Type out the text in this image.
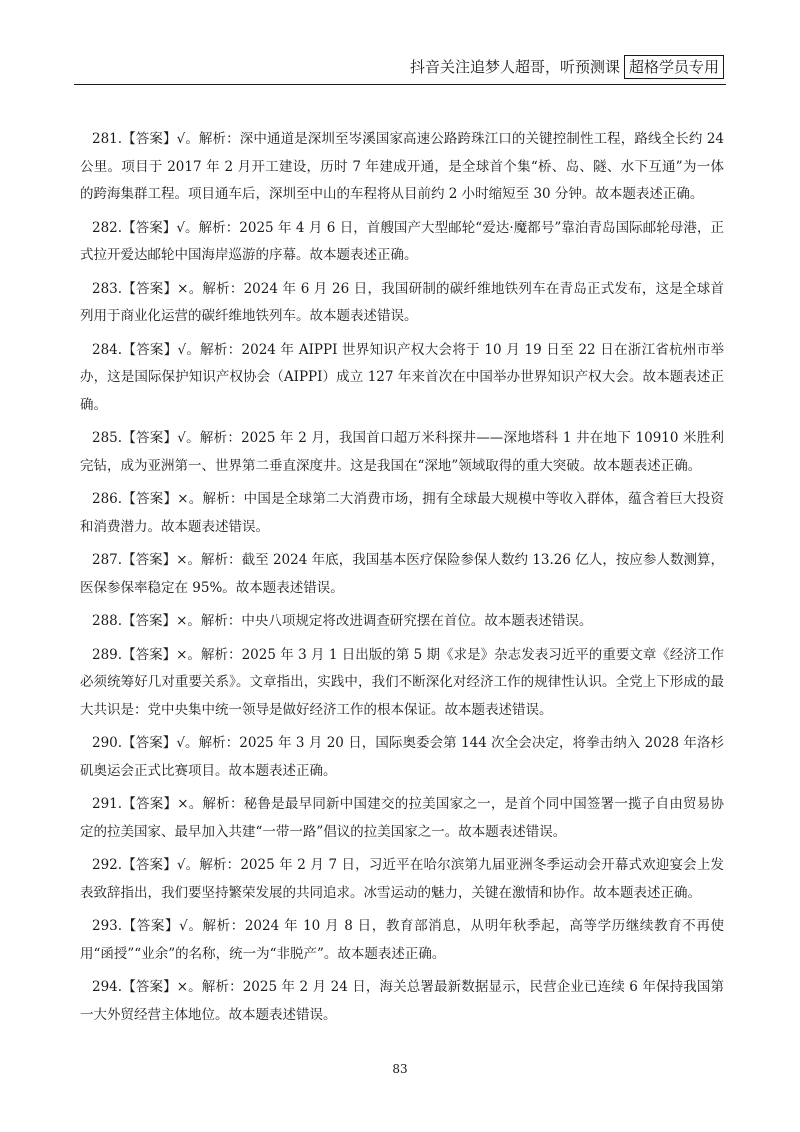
抖音关注追梦人超哥，听预测课 超格学员专用

281.【答案】√。解析：深中通道是深圳至岑溪国家高速公路跨珠江口的关键控制性工程，路线全长约 24 公里。项目于 2017 年 2 月开工建设，历时 7 年建成开通，是全球首个集“桥、岛、隧、水下互通”为一体的跨海集群工程。项目通车后，深圳至中山的车程将从目前约 2 小时缩短至 30 分钟。故本题表述正确。

282.【答案】√。解析：2025 年 4 月 6 日，首艘国产大型邮轮“爱达·魔都号”靠泊青岛国际邮轮母港，正式拉开爱达邮轮中国海岸巡游的序幕。故本题表述正确。

283.【答案】×。解析：2024 年 6 月 26 日，我国研制的碳纤维地铁列车在青岛正式发布，这是全球首列用于商业化运营的碳纤维地铁列车。故本题表述错误。

284.【答案】√。解析：2024 年 AIPPI 世界知识产权大会将于 10 月 19 日至 22 日在浙江省杭州市举办，这是国际保护知识产权协会（AIPPI）成立 127 年来首次在中国举办世界知识产权大会。故本题表述正确。

285.【答案】√。解析：2025 年 2 月，我国首口超万米科探井——深地塔科 1 井在地下 10910 米胜利完钻，成为亚洲第一、世界第二垂直深度井。这是我国在“深地”领域取得的重大突破。故本题表述正确。

286.【答案】×。解析：中国是全球第二大消费市场，拥有全球最大规模中等收入群体，蕴含着巨大投资和消费潜力。故本题表述错误。

287.【答案】×。解析：截至 2024 年底，我国基本医疗保险参保人数约 13.26 亿人，按应参人数测算，医保参保率稳定在 95%。故本题表述错误。

288.【答案】×。解析：中央八项规定将改进调查研究摆在首位。故本题表述错误。

289.【答案】×。解析：2025 年 3 月 1 日出版的第 5 期《求是》杂志发表习近平的重要文章《经济工作必须统筹好几对重要关系》。文章指出，实践中，我们不断深化对经济工作的规律性认识。全党上下形成的最大共识是：党中央集中统一领导是做好经济工作的根本保证。故本题表述错误。

290.【答案】√。解析：2025 年 3 月 20 日，国际奥委会第 144 次全会决定，将拳击纳入 2028 年洛杉矶奥运会正式比赛项目。故本题表述正确。

291.【答案】×。解析：秘鲁是最早同新中国建交的拉美国家之一，是首个同中国签署一揽子自由贸易协定的拉美国家、最早加入共建“一带一路”倡议的拉美国家之一。故本题表述错误。

292.【答案】√。解析：2025 年 2 月 7 日，习近平在哈尔滨第九届亚洲冬季运动会开幕式欢迎宴会上发表致辞指出，我们要坚持繁荣发展的共同追求。冰雪运动的魅力，关键在激情和协作。故本题表述正确。

293.【答案】√。解析：2024 年 10 月 8 日，教育部消息，从明年秋季起，高等学历继续教育不再使用“函授”“业余”的名称，统一为“非脱产”。故本题表述正确。

294.【答案】×。解析：2025 年 2 月 24 日，海关总署最新数据显示，民营企业已连续 6 年保持我国第一大外贸经营主体地位。故本题表述错误。

83
